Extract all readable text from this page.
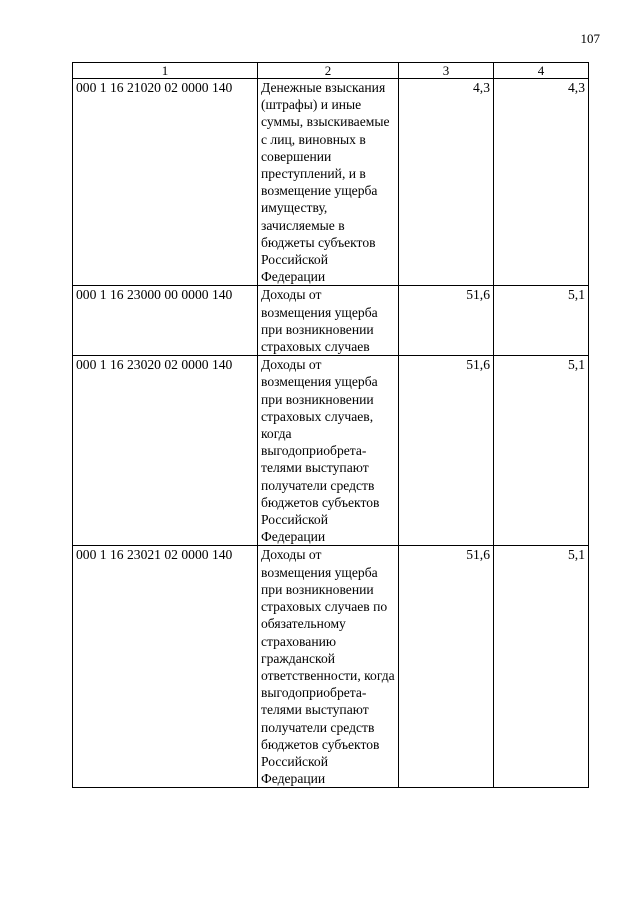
107
1	2	3	4
000 1 16 21020 02 0000 140	Денежные взыскания (штрафы) и иные суммы, взыскиваемые с лиц, виновных в совершении преступлений, и в возмещение ущерба имуществу, зачисляемые в бюджеты субъектов Российской Федерации	4,3	4,3
000 1 16 23000 00 0000 140	Доходы от возмещения ущерба при возникновении страховых случаев	51,6	5,1
000 1 16 23020 02 0000 140	Доходы от возмещения ущерба при возникновении страховых случаев, когда выгодоприобрета-телями выступают получатели средств бюджетов субъектов Российской Федерации	51,6	5,1
000 1 16 23021 02 0000 140	Доходы от возмещения ущерба при возникновении страховых случаев по обязательному страхованию гражданской ответственности, когда выгодоприобрета-телями выступают получатели средств бюджетов субъектов Российской Федерации	51,6	5,1
